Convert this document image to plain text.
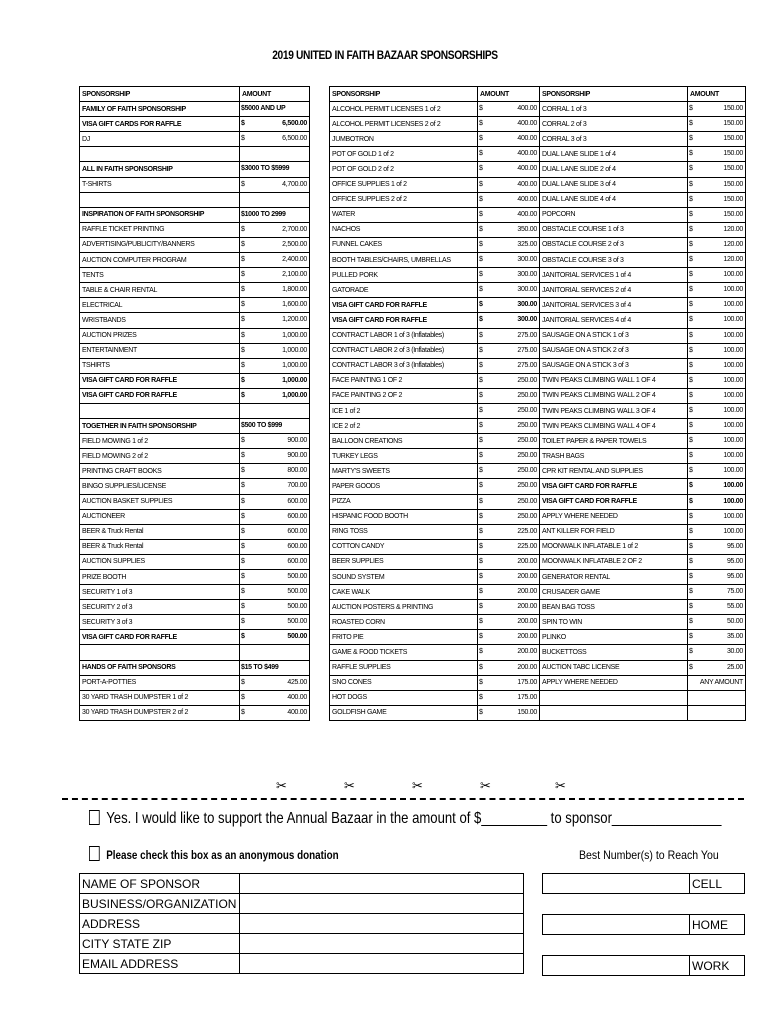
2019 UNITED IN FAITH BAZAAR SPONSORSHIPS
SPONSORSHIP	AMOUNT
FAMILY OF FAITH SPONSORSHIP	$5000 AND UP

VISA GIFT CARDS FOR RAFFLE	$ 6,500.00

DJ	$ 6,500.00

ALL IN FAITH SPONSORSHIP	$3000 TO $5999

T-SHIRTS	$ 4,700.00

INSPIRATION OF FAITH SPONSORSHIP	$1000 TO 2999

RAFFLE TICKET PRINTING	$ 2,700.00

ADVERTISING/PUBLICITY/BANNERS	$ 2,500.00

AUCTION COMPUTER PROGRAM	$ 2,400.00

TENTS	$ 2,100.00

TABLE & CHAIR RENTAL	$ 1,800.00

ELECTRICAL	$ 1,600.00

WRISTBANDS	$ 1,200.00

AUCTION PRIZES	$ 1,000.00

ENTERTAINMENT	$ 1,000.00

TSHIRTS	$ 1,000.00

VISA GIFT CARD FOR RAFFLE	$ 1,000.00

VISA GIFT CARD FOR RAFFLE	$ 1,000.00

TOGETHER IN FAITH SPONSORSHIP	$500 TO $999

FIELD MOWING 1 of 2	$ 900.00

FIELD MOWING 2 of 2	$ 900.00

PRINTING CRAFT BOOKS	$ 800.00

BINGO SUPPLIES/LICENSE	$ 700.00

AUCTION BASKET SUPPLIES	$ 600.00

AUCTIONEER	$ 600.00

BEER & Truck Rental	$ 600.00

BEER & Truck Rental	$ 600.00

AUCTION SUPPLIES	$ 600.00

PRIZE BOOTH	$ 500.00

SECURITY 1 of 3	$ 500.00

SECURITY 2 of 3	$ 500.00

SECURITY 3 of 3	$ 500.00

VISA GIFT CARD FOR RAFFLE	$ 500.00

HANDS OF FAITH SPONSORS	$15 TO $499

PORT-A-POTTIES	$ 425.00

30 YARD TRASH DUMPSTER 1 of 2	$ 400.00

30 YARD TRASH DUMPSTER 2 of 2	$ 400.00
SPONSORSHIP	AMOUNT
ALCOHOL PERMIT LICENSES 1 of 2	$ 400.00

ALCOHOL PERMIT LICENSES 2 of 2	$ 400.00

JUMBOTRON	$ 400.00

POT OF GOLD 1 of 2	$ 400.00

POT OF GOLD 2 of 2	$ 400.00

OFFICE SUPPLIES 1 of 2	$ 400.00

OFFICE SUPPLIES 2 of 2	$ 400.00

WATER	$ 400.00

NACHOS	$ 350.00

FUNNEL CAKES	$ 325.00

BOOTH TABLES/CHAIRS, UMBRELLAS	$ 300.00

PULLED PORK	$ 300.00

GATORADE	$ 300.00

VISA GIFT CARD FOR RAFFLE	$ 300.00

VISA GIFT CARD FOR RAFFLE	$ 300.00

CONTRACT LABOR 1 of 3 (Inflatables)	$ 275.00

CONTRACT LABOR 2 of 3 (Inflatables)	$ 275.00

CONTRACT LABOR 3 of 3 (Inflatables)	$ 275.00

FACE PAINTING 1 OF 2	$ 250.00

FACE PAINTING 2 OF 2	$ 250.00

ICE 1 of 2	$ 250.00

ICE 2 of 2	$ 250.00

BALLOON CREATIONS	$ 250.00

TURKEY LEGS	$ 250.00

MARTY'S SWEETS	$ 250.00

PAPER GOODS	$ 250.00

PIZZA	$ 250.00

HISPANIC FOOD BOOTH	$ 250.00

RING TOSS	$ 225.00

COTTON CANDY	$ 225.00

BEER SUPPLIES	$ 200.00

SOUND SYSTEM	$ 200.00

CAKE WALK	$ 200.00

AUCTION POSTERS & PRINTING	$ 200.00

ROASTED CORN	$ 200.00

FRITO PIE	$ 200.00

GAME & FOOD TICKETS	$ 200.00

RAFFLE SUPPLIES	$ 200.00

SNO CONES	$ 175.00

HOT DOGS	$ 175.00

GOLDFISH GAME	$ 150.00
SPONSORSHIP	AMOUNT
CORRAL 1 of 3	$ 150.00

CORRAL 2 of 3	$ 150.00

CORRAL 3 of 3	$ 150.00

DUAL LANE SLIDE 1 of 4	$ 150.00

DUAL LANE SLIDE 2 of 4	$ 150.00

DUAL LANE SLIDE 3 of 4	$ 150.00

DUAL LANE SLIDE 4 of 4	$ 150.00

POPCORN	$ 150.00

OBSTACLE COURSE 1 of 3	$ 120.00

OBSTACLE COURSE 2 of 3	$ 120.00

OBSTACLE COURSE 3 of 3	$ 120.00

JANITORIAL SERVICES 1 of 4	$ 100.00

JANITORIAL SERVICES 2 of 4	$ 100.00

JANITORIAL SERVICES 3 of 4	$ 100.00

JANITORIAL SERVICES 4 of 4	$ 100.00

SAUSAGE ON A STICK 1 of 3	$ 100.00

SAUSAGE ON A STICK 2 of 3	$ 100.00

SAUSAGE ON A STICK 3 of 3	$ 100.00

TWIN PEAKS CLIMBING WALL 1 OF 4	$ 100.00

TWIN PEAKS CLIMBING WALL 2 OF 4	$ 100.00

TWIN PEAKS CLIMBING WALL 3 OF 4	$ 100.00

TWIN PEAKS CLIMBING WALL 4 OF 4	$ 100.00

TOILET PAPER & PAPER TOWELS	$ 100.00

TRASH BAGS	$ 100.00

CPR KIT RENTAL AND SUPPLIES	$ 100.00

VISA GIFT CARD FOR RAFFLE	$ 100.00

VISA GIFT CARD FOR RAFFLE	$ 100.00

APPLY WHERE NEEDED	$ 100.00

ANT KILLER FOR FIELD	$ 100.00

MOONWALK INFLATABLE 1 of 2	$ 95.00

MOONWALK INFLATABLE 2 OF 2	$ 95.00

GENERATOR RENTAL	$ 95.00

CRUSADER GAME	$ 75.00

BEAN BAG TOSS	$ 55.00

SPIN TO WIN	$ 50.00

PLINKO	$ 35.00

BUCKETTOSS	$ 30.00

AUCTION TABC LICENSE	$ 25.00

APPLY WHERE NEEDED	ANY AMOUNT

✂	✂	✂	✂	✂
Yes. I would like to support the Annual Bazaar in the amount of $_________ to sponsor_______________
Please check this box as an anonymous donation	Best Number(s) to Reach You
NAME OF SPONSOR	
BUSINESS/ORGANIZATION	
ADDRESS	
CITY STATE ZIP	
EMAIL ADDRESS	
	CELL
	HOME
	WORK
